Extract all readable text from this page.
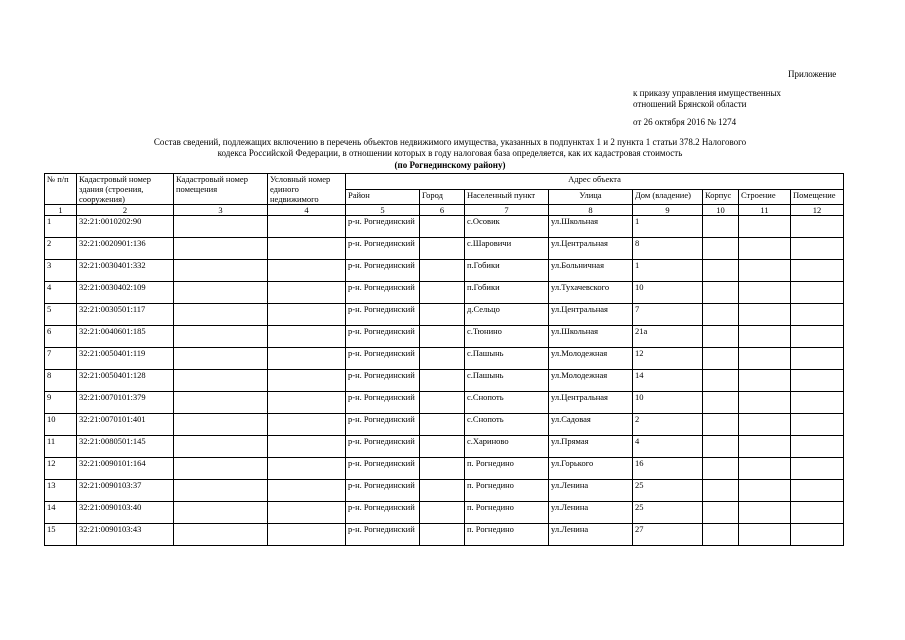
Приложение
к приказу управления имущественных
отношений Брянской области
от 26 октября 2016 № 1274
Состав сведений, подлежащих включению в перечень объектов недвижимого имущества, указанных в подпунктах 1 и 2 пункта 1 статьи 378.2 Налогового
кодекса Российской Федерации, в отношении которых в году налоговая база определяется, как их кадастровая стоимость
(по Рогнединскому району)
№ п/п	Кадастровый номер здания (строения, сооружения)	Кадастровый номер помещения	Условный номер единого недвижимого	Адрес объекта							
				Район	Город	Населенный пункт	Улица	Дом (владение)	Корпус	Строение	Помещение
1	2	3	4	5	6	7	8	9	10	11	12
1	32:21:0010202:90			р-н. Рогнединский		с.Осовик	ул.Школьная	1			
2	32:21:0020901:136			р-н. Рогнединский		с.Шаровичи	ул.Центральная	8			
3	32:21:0030401:332			р-н. Рогнединский		п.Гобики	ул.Больничная	1			
4	32:21:0030402:109			р-н. Рогнединский		п.Гобики	ул.Тухачевского	10			
5	32:21:0030501:117			р-н. Рогнединский		д.Сельцо	ул.Центральная	7			
6	32:21:0040601:185			р-н. Рогнединский		с.Тюнино	ул.Школьная	21а			
7	32:21:0050401:119			р-н. Рогнединский		с.Пашынь	ул.Молодежная	12			
8	32:21:0050401:128			р-н. Рогнединский		с.Пашынь	ул.Молодежная	14			
9	32:21:0070101:379			р-н. Рогнединский		с.Снопоть	ул.Центральная	10			
10	32:21:0070101:401			р-н. Рогнединский		с.Снопоть	ул.Садовая	2			
11	32:21:0080501:145			р-н. Рогнединский		с.Хариново	ул.Прямая	4			
12	32:21:0090101:164			р-н. Рогнединский		п. Рогнедино	ул.Горького	16			
13	32:21:0090103:37			р-н. Рогнединский		п. Рогнедино	ул.Ленина	25			
14	32:21:0090103:40			р-н. Рогнединский		п. Рогнедино	ул.Ленина	25			
15	32:21:0090103:43			р-н. Рогнединский		п. Рогнедино	ул.Ленина	27			
